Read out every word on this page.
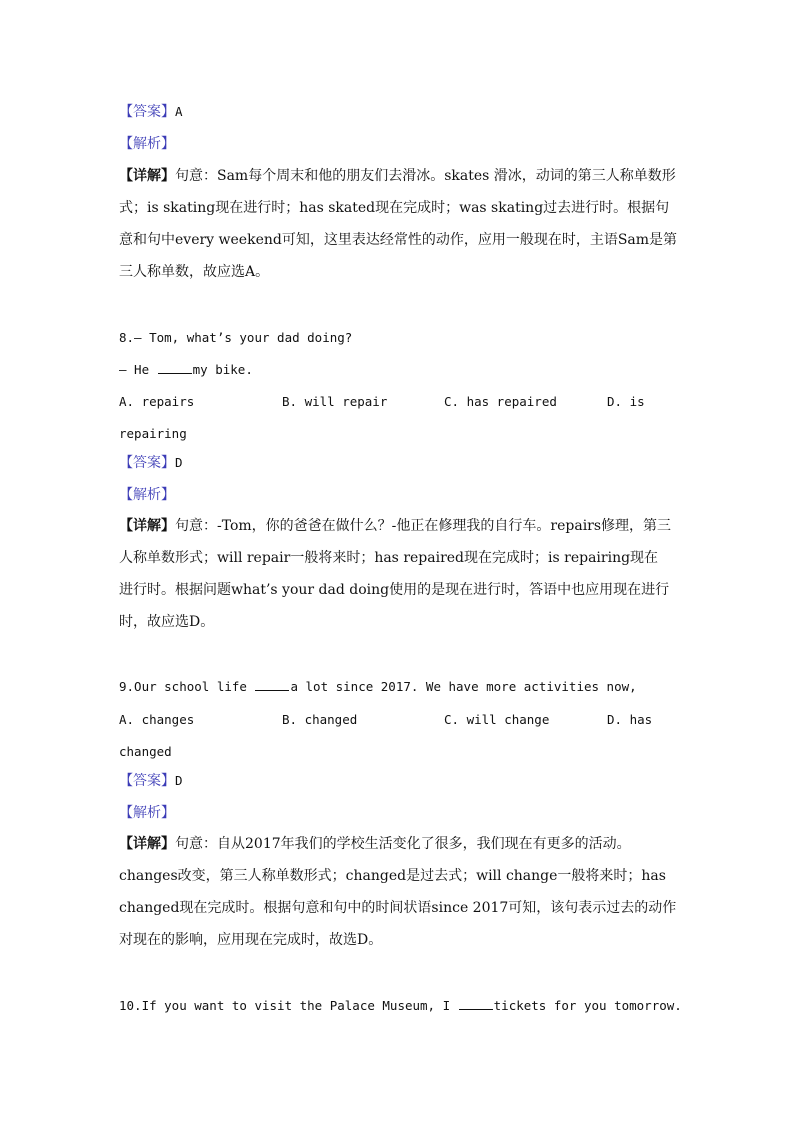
【答案】A
【解析】
【详解】句意：Sam每个周末和他的朋友们去滑冰。skates 滑冰，动词的第三人称单数形
式；is skating现在进行时；has skated现在完成时；was skating过去进行时。根据句
意和句中every weekend可知，这里表达经常性的动作，应用一般现在时，主语Sam是第
三人称单数，故应选A。
8.— Tom, what’s your dad doing?
— He	my bike.
A. repairs	B. will repair	C. has repaired	D. is
repairing
【答案】D
【解析】
【详解】句意：-Tom，你的爸爸在做什么？-他正在修理我的自行车。repairs修理，第三
人称单数形式；will repair一般将来时；has repaired现在完成时；is repairing现在
进行时。根据问题what’s your dad doing使用的是现在进行时，答语中也应用现在进行
时，故应选D。
9.Our school life	a lot since 2017. We have more activities now,
A. changes	B. changed	C. will change	D. has
changed
【答案】D
【解析】
【详解】句意：自从2017年我们的学校生活变化了很多，我们现在有更多的活动。
changes改变，第三人称单数形式；changed是过去式；will change一般将来时；has
changed现在完成时。根据句意和句中的时间状语since 2017可知，该句表示过去的动作
对现在的影响，应用现在完成时，故选D。
10.If you want to visit the Palace Museum, I	tickets for you tomorrow.
